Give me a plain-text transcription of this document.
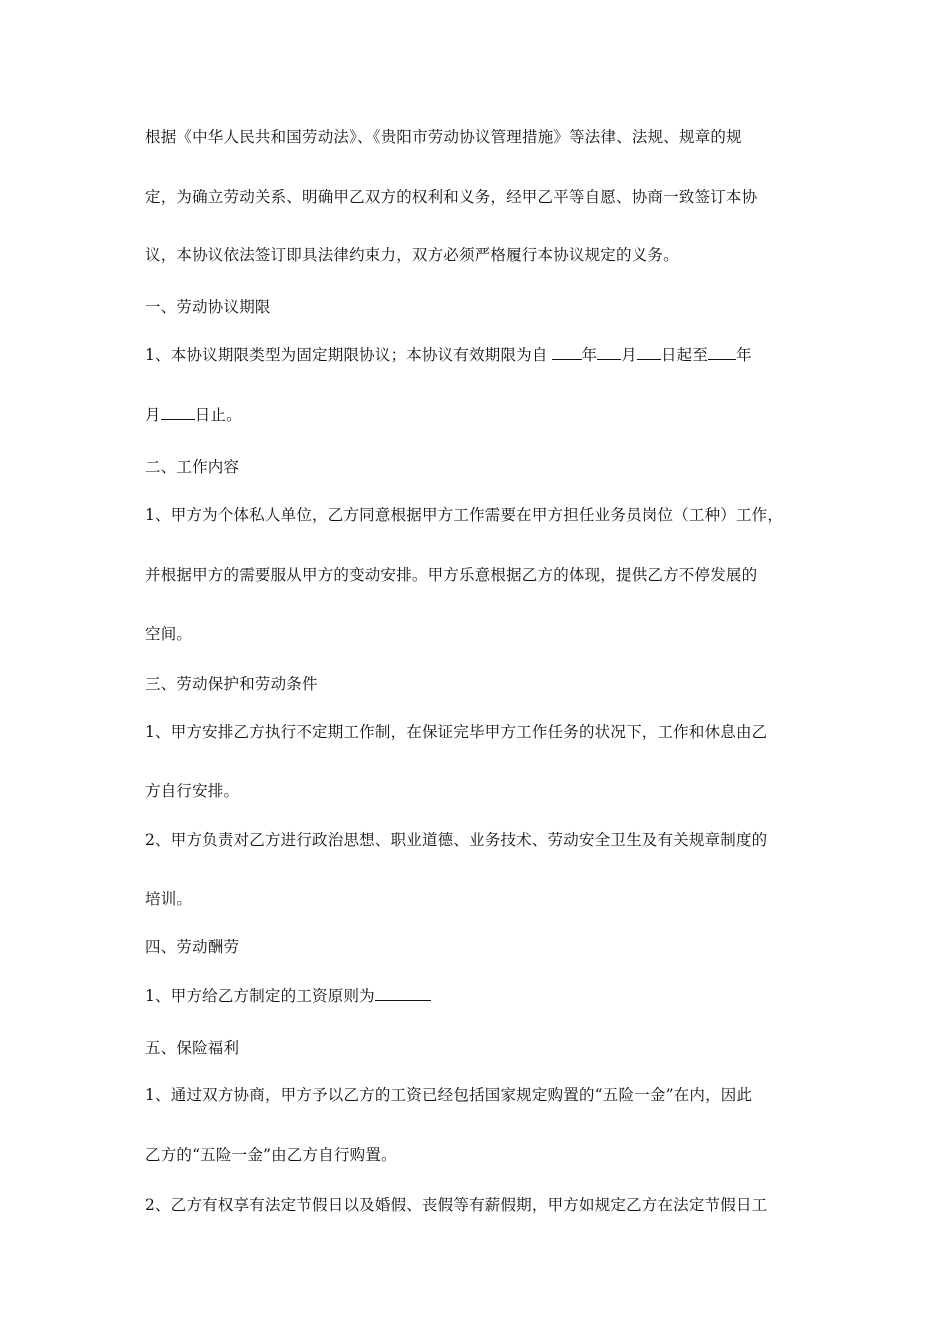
根据《中华人民共和国劳动法》、《贵阳市劳动协议管理措施》等法律、法规、规章的规
定，为确立劳动关系、明确甲乙双方的权利和义务，经甲乙平等自愿、协商一致签订本协
议，本协议依法签订即具法律约束力，双方必须严格履行本协议规定的义务。
一、劳动协议期限
1、本协议期限类型为固定期限协议；本协议有效期限为自 年 月 日起至 年
月 日止。
二、工作内容
1、甲方为个体私人单位，乙方同意根据甲方工作需要在甲方担任业务员岗位（工种）工作，
并根据甲方的需要服从甲方的变动安排。甲方乐意根据乙方的体现，提供乙方不停发展的
空间。
三、劳动保护和劳动条件
1、甲方安排乙方执行不定期工作制，在保证完毕甲方工作任务的状况下，工作和休息由乙
方自行安排。
2、甲方负责对乙方进行政治思想、职业道德、业务技术、劳动安全卫生及有关规章制度的
培训。
四、劳动酬劳
1、甲方给乙方制定的工资原则为
五、保险福利
1、通过双方协商，甲方予以乙方的工资已经包括国家规定购置的“五险一金”在内，因此
乙方的“五险一金”由乙方自行购置。
2、乙方有权享有法定节假日以及婚假、丧假等有薪假期，甲方如规定乙方在法定节假日工
